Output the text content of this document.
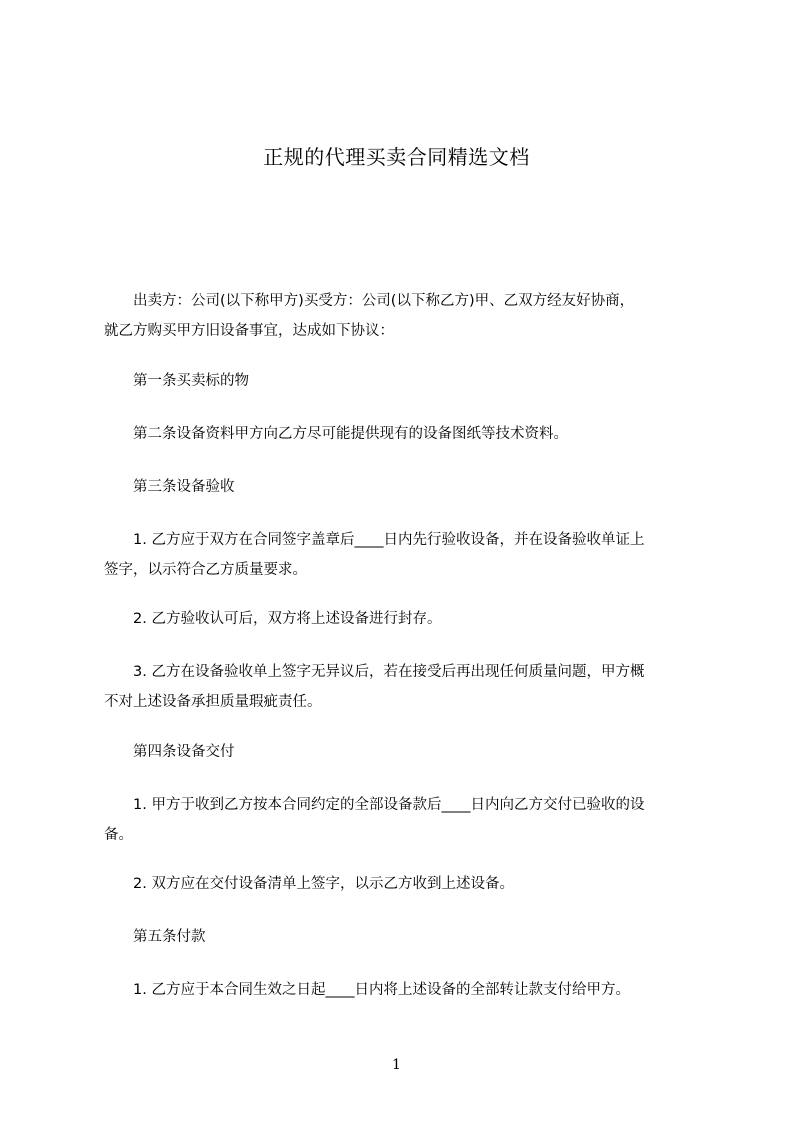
正规的代理买卖合同精选文档

　　出卖方：公司(以下称甲方)买受方：公司(以下称乙方)甲、乙双方经友好协商，
就乙方购买甲方旧设备事宜，达成如下协议：

　　第一条买卖标的物

　　第二条设备资料甲方向乙方尽可能提供现有的设备图纸等技术资料。

　　第三条设备验收

　　1. 乙方应于双方在合同签字盖章后____日内先行验收设备，并在设备验收单证上
签字，以示符合乙方质量要求。

　　2. 乙方验收认可后，双方将上述设备进行封存。

　　3. 乙方在设备验收单上签字无异议后，若在接受后再出现任何质量问题，甲方概
不对上述设备承担质量瑕疵责任。

　　第四条设备交付

　　1. 甲方于收到乙方按本合同约定的全部设备款后____日内向乙方交付已验收的设
备。

　　2. 双方应在交付设备清单上签字，以示乙方收到上述设备。

　　第五条付款

　　1. 乙方应于本合同生效之日起____日内将上述设备的全部转让款支付给甲方。

1
